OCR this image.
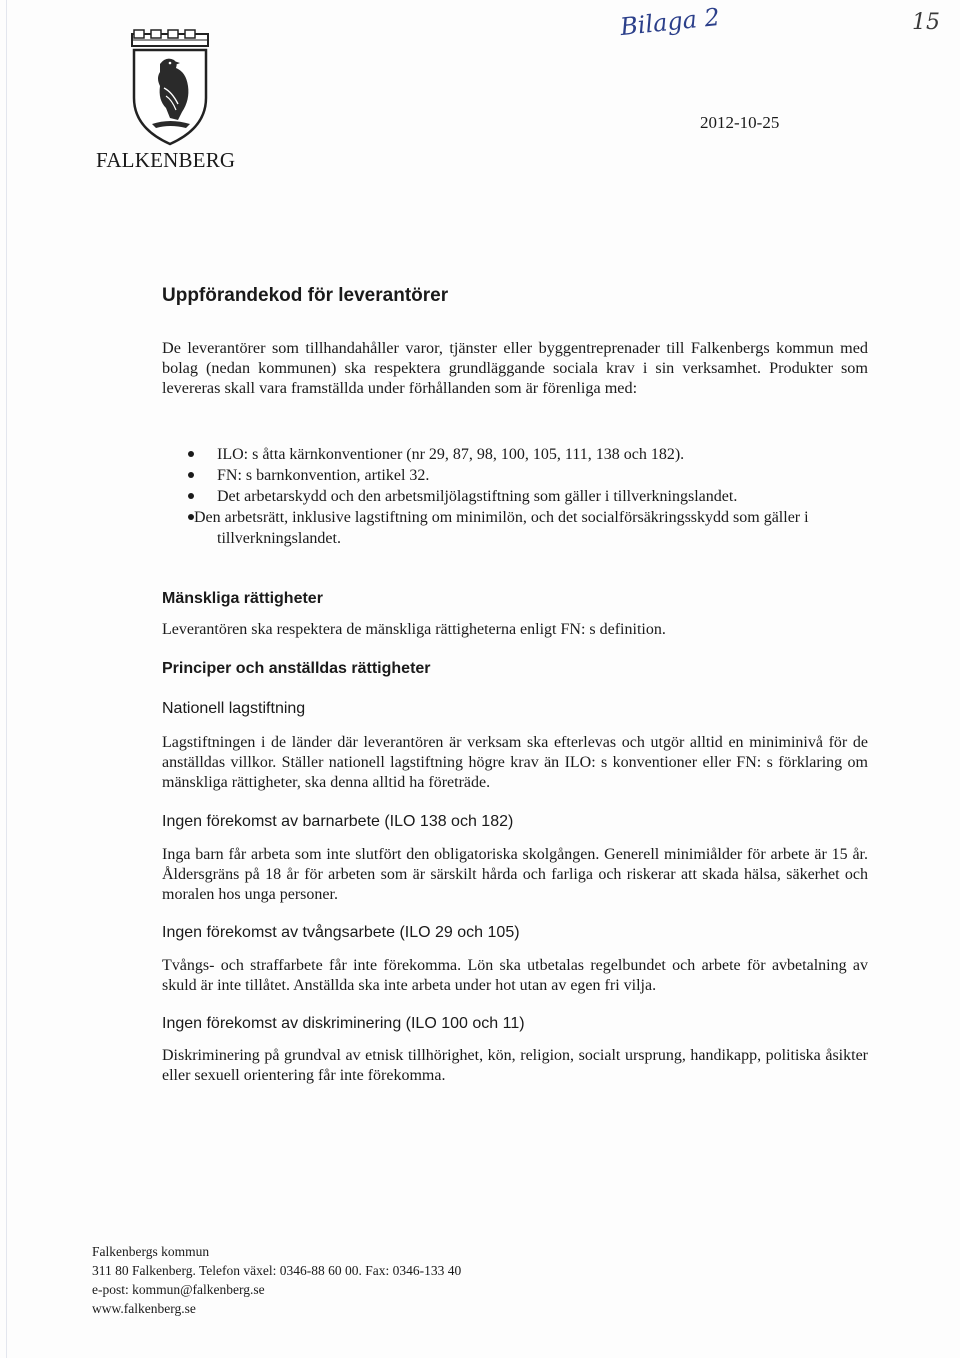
Bilaga 2	15
2012-10-25
FALKENBERG
Uppförandekod för leverantörer

De leverantörer som tillhandahåller varor, tjänster eller byggentreprenader till Falkenbergs kommun med bolag (nedan kommunen) ska respektera grundläggande sociala krav i sin verksamhet. Produkter som levereras skall vara framställda under förhållanden som är förenliga med:

ILO: s åtta kärnkonventioner (nr 29, 87, 98, 100, 105, 111, 138 och 182).
FN: s barnkonvention, artikel 32.
Det arbetarskydd och den arbetsmiljölagstiftning som gäller i tillverkningslandet.
Den arbetsrätt, inklusive lagstiftning om minimilön, och det socialförsäkringsskydd som gäller i tillverkningslandet.
Mänskliga rättigheter

Leverantören ska respektera de mänskliga rättigheterna enligt FN: s definition.

Principer och anställdas rättigheter
Nationell lagstiftning

Lagstiftningen i de länder där leverantören är verksam ska efterlevas och utgör alltid en miniminivå för de anställdas villkor. Ställer nationell lagstiftning högre krav än ILO: s konventioner eller FN: s förklaring om mänskliga rättigheter, ska denna alltid ha företräde.

Ingen förekomst av barnarbete (ILO 138 och 182)

Inga barn får arbeta som inte slutfört den obligatoriska skolgången. Generell minimiålder för arbete är 15 år. Åldersgräns på 18 år för arbeten som är särskilt hårda och farliga och riskerar att skada hälsa, säkerhet och moralen hos unga personer.

Ingen förekomst av tvångsarbete (ILO 29 och 105)

Tvångs- och straffarbete får inte förekomma. Lön ska utbetalas regelbundet och arbete för avbetalning av skuld är inte tillåtet. Anställda ska inte arbeta under hot utan av egen fri vilja.

Ingen förekomst av diskriminering (ILO 100 och 11)

Diskriminering på grundval av etnisk tillhörighet, kön, religion, socialt ursprung, handikapp, politiska åsikter eller sexuell orientering får inte förekomma.

Falkenbergs kommun
311 80 Falkenberg. Telefon växel: 0346-88 60 00. Fax: 0346-133 40
e-post: kommun@falkenberg.se
www.falkenberg.se
